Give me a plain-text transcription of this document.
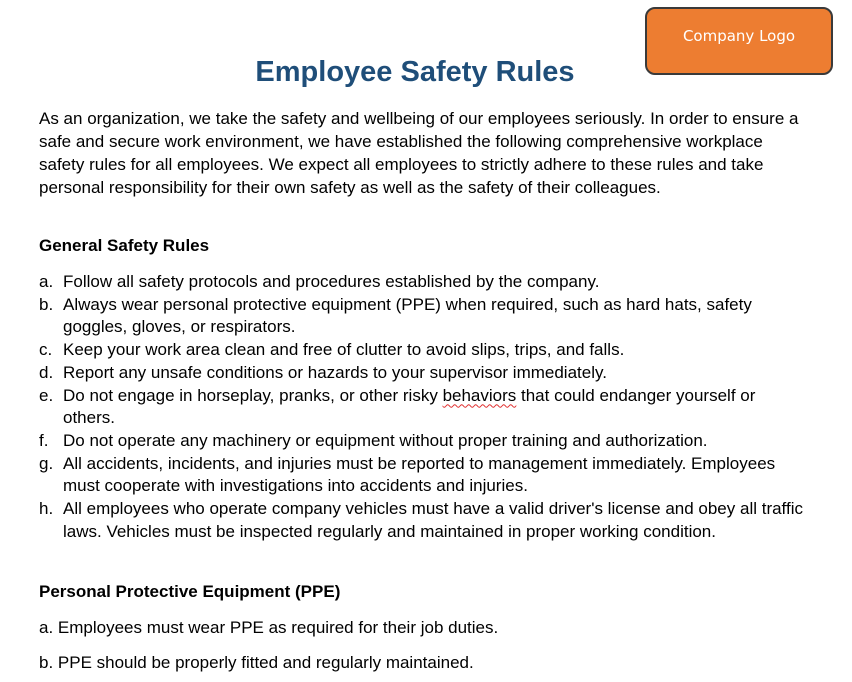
Company Logo
Employee Safety Rules

As an organization, we take the safety and wellbeing of our employees seriously. In order to ensure a safe and secure work environment, we have established the following comprehensive workplace safety rules for all employees. We expect all employees to strictly adhere to these rules and take personal responsibility for their own safety as well as the safety of their colleagues.

General Safety Rules
a. Follow all safety protocols and procedures established by the company.
b. Always wear personal protective equipment (PPE) when required, such as hard hats, safety goggles, gloves, or respirators.
c. Keep your work area clean and free of clutter to avoid slips, trips, and falls.
d. Report any unsafe conditions or hazards to your supervisor immediately.
e. Do not engage in horseplay, pranks, or other risky behaviors that could endanger yourself or others.
f. Do not operate any machinery or equipment without proper training and authorization.
g. All accidents, incidents, and injuries must be reported to management immediately. Employees must cooperate with investigations into accidents and injuries.
h. All employees who operate company vehicles must have a valid driver's license and obey all traffic laws. Vehicles must be inspected regularly and maintained in proper working condition.
Personal Protective Equipment (PPE)

a. Employees must wear PPE as required for their job duties.

b. PPE should be properly fitted and regularly maintained.
